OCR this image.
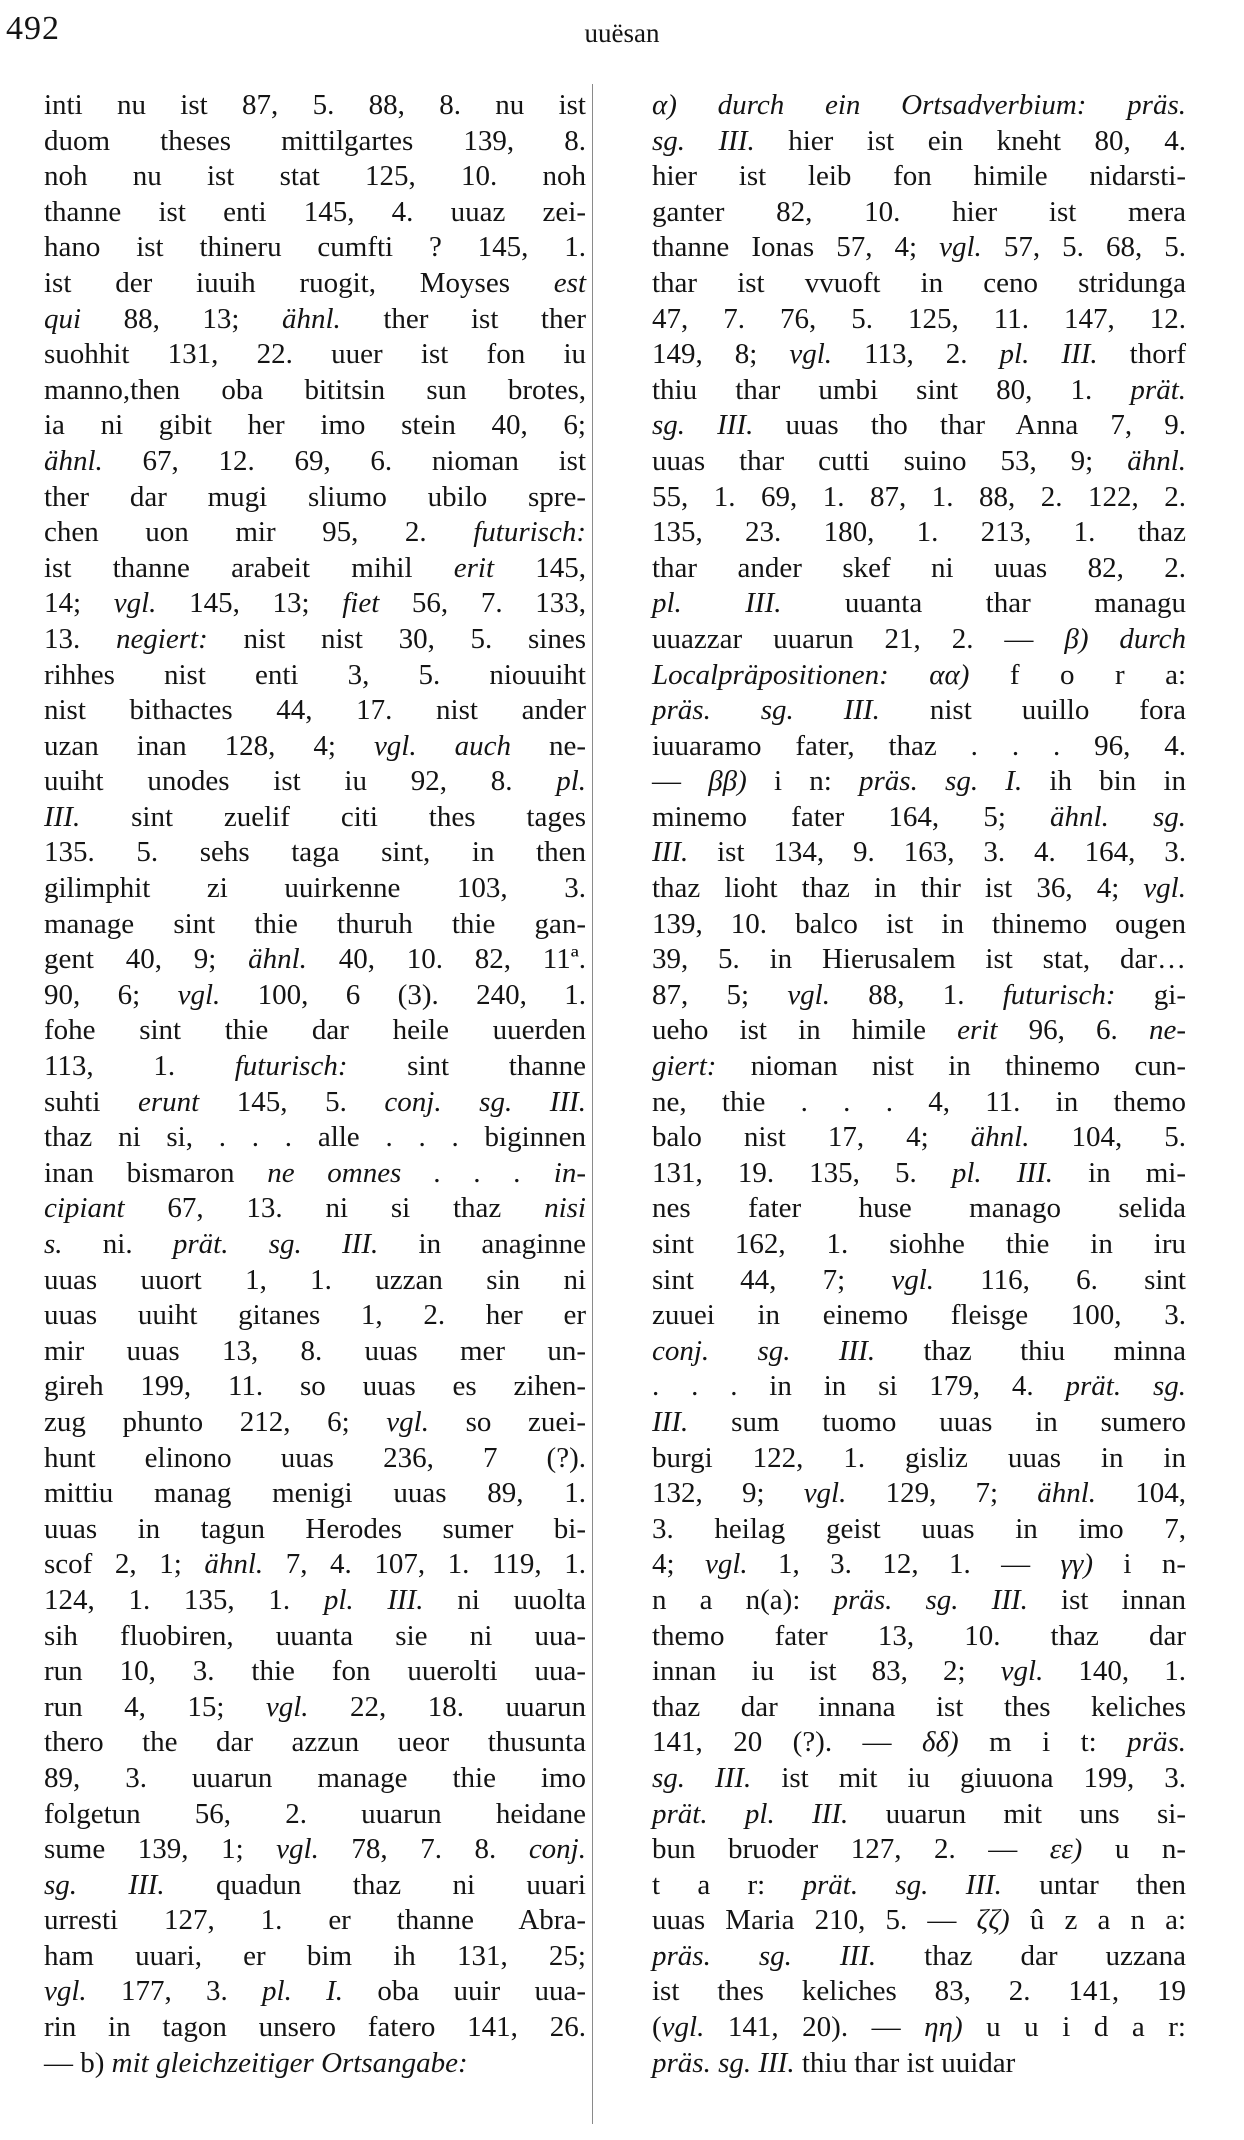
492	uuësan
inti nu ist 87, 5. 88, 8. nu ist
duom theses mittilgartes 139, 8.
noh nu ist stat 125, 10. noh
thanne ist enti 145, 4. uuaz zei-
hano ist thineru cumfti ? 145, 1.
ist der iuuih ruogit, Moyses est
qui 88, 13; ähnl. ther ist ther
suohhit 131, 22. uuer ist fon iu
manno,then oba bititsin sun brotes,
ia ni gibit her imo stein 40, 6;
ähnl. 67, 12. 69, 6. nioman ist
ther dar mugi sliumo ubilo spre-
chen uon mir 95, 2. futurisch:
ist thanne arabeit mihil erit 145,
14; vgl. 145, 13; fiet 56, 7. 133,
13. negiert: nist nist 30, 5. sines
rihhes nist enti 3, 5. niouuiht
nist bithactes 44, 17. nist ander
uzan inan 128, 4; vgl. auch ne-
uuiht unodes ist iu 92, 8. pl.
III. sint zuelif citi thes tages
135. 5. sehs taga sint, in then
gilimphit zi uuirkenne 103, 3.
manage sint thie thuruh thie gan-
gent 40, 9; ähnl. 40, 10. 82, 11ª.
90, 6; vgl. 100, 6 (3). 240, 1.
fohe sint thie dar heile uuerden
113, 1. futurisch: sint thanne
suhti erunt 145, 5. conj. sg. III.
thaz ni si, . . . alle . . . biginnen
inan bismaron ne omnes . . . in-
cipiant 67, 13. ni si thaz nisi
s. ni. prät. sg. III. in anaginne
uuas uuort 1, 1. uzzan sin ni
uuas uuiht gitanes 1, 2. her er
mir uuas 13, 8. uuas mer un-
gireh 199, 11. so uuas es zihen-
zug phunto 212, 6; vgl. so zuei-
hunt elinono uuas 236, 7 (?).
mittiu manag menigi uuas 89, 1.
uuas in tagun Herodes sumer bi-
scof 2, 1; ähnl. 7, 4. 107, 1. 119, 1.
124, 1. 135, 1. pl. III. ni uuolta
sih fluobiren, uuanta sie ni uua-
run 10, 3. thie fon uuerolti uua-
run 4, 15; vgl. 22, 18. uuarun
thero the dar azzun ueor thusunta
89, 3. uuarun manage thie imo
folgetun 56, 2. uuarun heidane
sume 139, 1; vgl. 78, 7. 8. conj.
sg. III. quadun thaz ni uuari
urresti 127, 1. er thanne Abra-
ham uuari, er bim ih 131, 25;
vgl. 177, 3. pl. I. oba uuir uua-
rin in tagon unsero fatero 141, 26.
— b) mit gleichzeitiger Ortsangabe:
α) durch ein Ortsadverbium: präs.
sg. III. hier ist ein kneht 80, 4.
hier ist leib fon himile nidarsti-
ganter 82, 10. hier ist mera
thanne Ionas 57, 4; vgl. 57, 5. 68, 5.
thar ist vvuoft in ceno stridunga
47, 7. 76, 5. 125, 11. 147, 12.
149, 8; vgl. 113, 2. pl. III. thorf
thiu thar umbi sint 80, 1. prät.
sg. III. uuas tho thar Anna 7, 9.
uuas thar cutti suino 53, 9; ähnl.
55, 1. 69, 1. 87, 1. 88, 2. 122, 2.
135, 23. 180, 1. 213, 1. thaz
thar ander skef ni uuas 82, 2.
pl. III. uuanta thar managu
uuazzar uuarun 21, 2. — β) durch
Localpräpositionen: αα) f o r a:
präs. sg. III. nist uuillo fora
iuuaramo fater, thaz . . . 96, 4.
— ββ) i n: präs. sg. I. ih bin in
minemo fater 164, 5; ähnl. sg.
III. ist 134, 9. 163, 3. 4. 164, 3.
thaz lioht thaz in thir ist 36, 4; vgl.
139, 10. balco ist in thinemo ougen
39, 5. in Hierusalem ist stat, dar…
87, 5; vgl. 88, 1. futurisch: gi-
ueho ist in himile erit 96, 6. ne-
giert: nioman nist in thinemo cun-
ne, thie . . . 4, 11. in themo
balo nist 17, 4; ähnl. 104, 5.
131, 19. 135, 5. pl. III. in mi-
nes fater huse manago selida
sint 162, 1. siohhe thie in iru
sint 44, 7; vgl. 116, 6. sint
zuuei in einemo fleisge 100, 3.
conj. sg. III. thaz thiu minna
. . . in in si 179, 4. prät. sg.
III. sum tuomo uuas in sumero
burgi 122, 1. gisliz uuas in in
132, 9; vgl. 129, 7; ähnl. 104,
3. heilag geist uuas in imo 7,
4; vgl. 1, 3. 12, 1. — γγ) i n-
n a n(a): präs. sg. III. ist innan
themo fater 13, 10. thaz dar
innan iu ist 83, 2; vgl. 140, 1.
thaz dar innana ist thes keliches
141, 20 (?). — δδ) m i t: präs.
sg. III. ist mit iu giuuona 199, 3.
prät. pl. III. uuarun mit uns si-
bun bruoder 127, 2. — εε) u n-
t a r: prät. sg. III. untar then
uuas Maria 210, 5. — ζζ) û z a n a:
präs. sg. III. thaz dar uzzana
ist thes keliches 83, 2. 141, 19
(vgl. 141, 20). — ηη) u u i d a r:
präs. sg. III. thiu thar ist uuidar
